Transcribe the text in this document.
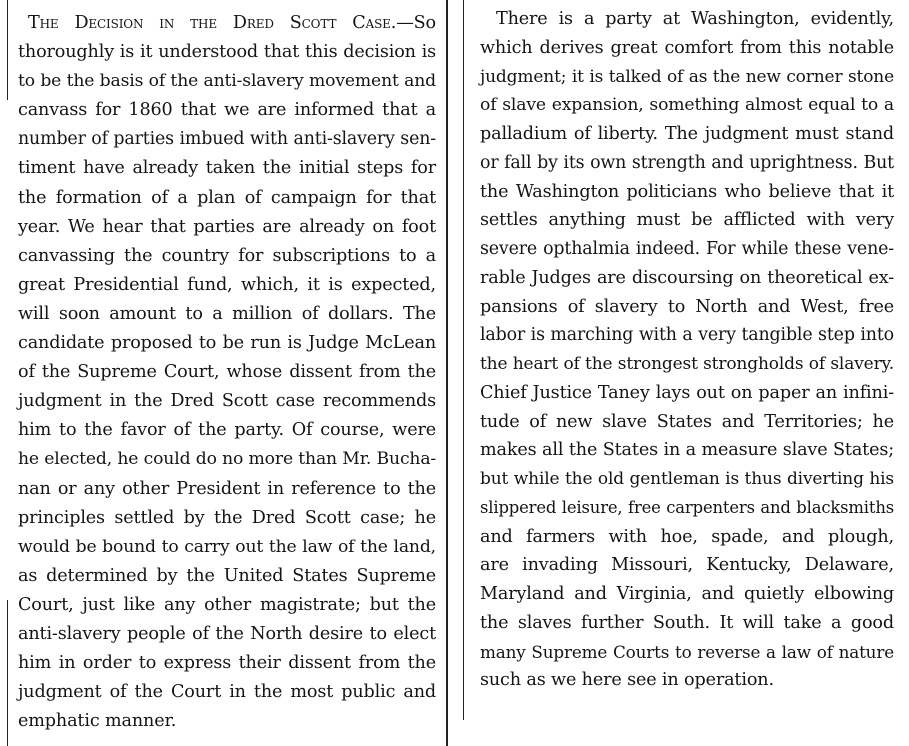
The Decision in the Dred Scott Case.—So
thoroughly is it understood that this decision is
to be the basis of the anti-slavery movement and
canvass for 1860 that we are informed that a
number of parties imbued with anti-slavery sen-
timent have already taken the initial steps for
the formation of a plan of campaign for that
year. We hear that parties are already on foot
canvassing the country for subscriptions to a
great Presidential fund, which, it is expected,
will soon amount to a million of dollars. The
candidate proposed to be run is Judge McLean
of the Supreme Court, whose dissent from the
judgment in the Dred Scott case recommends
him to the favor of the party. Of course, were
he elected, he could do no more than Mr. Bucha-
nan or any other President in reference to the
principles settled by the Dred Scott case; he
would be bound to carry out the law of the land,
as determined by the United States Supreme
Court, just like any other magistrate; but the
anti-slavery people of the North desire to elect
him in order to express their dissent from the
judgment of the Court in the most public and
emphatic manner.
There is a party at Washington, evidently,
which derives great comfort from this notable
judgment; it is talked of as the new corner stone
of slave expansion, something almost equal to a
palladium of liberty. The judgment must stand
or fall by its own strength and uprightness. But
the Washington politicians who believe that it
settles anything must be afflicted with very
severe opthalmia indeed. For while these vene-
rable Judges are discoursing on theoretical ex-
pansions of slavery to North and West, free
labor is marching with a very tangible step into
the heart of the strongest strongholds of slavery.
Chief Justice Taney lays out on paper an infini-
tude of new slave States and Territories; he
makes all the States in a measure slave States;
but while the old gentleman is thus diverting his
slippered leisure, free carpenters and blacksmiths
and farmers with hoe, spade, and plough,
are invading Missouri, Kentucky, Delaware,
Maryland and Virginia, and quietly elbowing
the slaves further South. It will take a good
many Supreme Courts to reverse a law of nature
such as we here see in operation.
